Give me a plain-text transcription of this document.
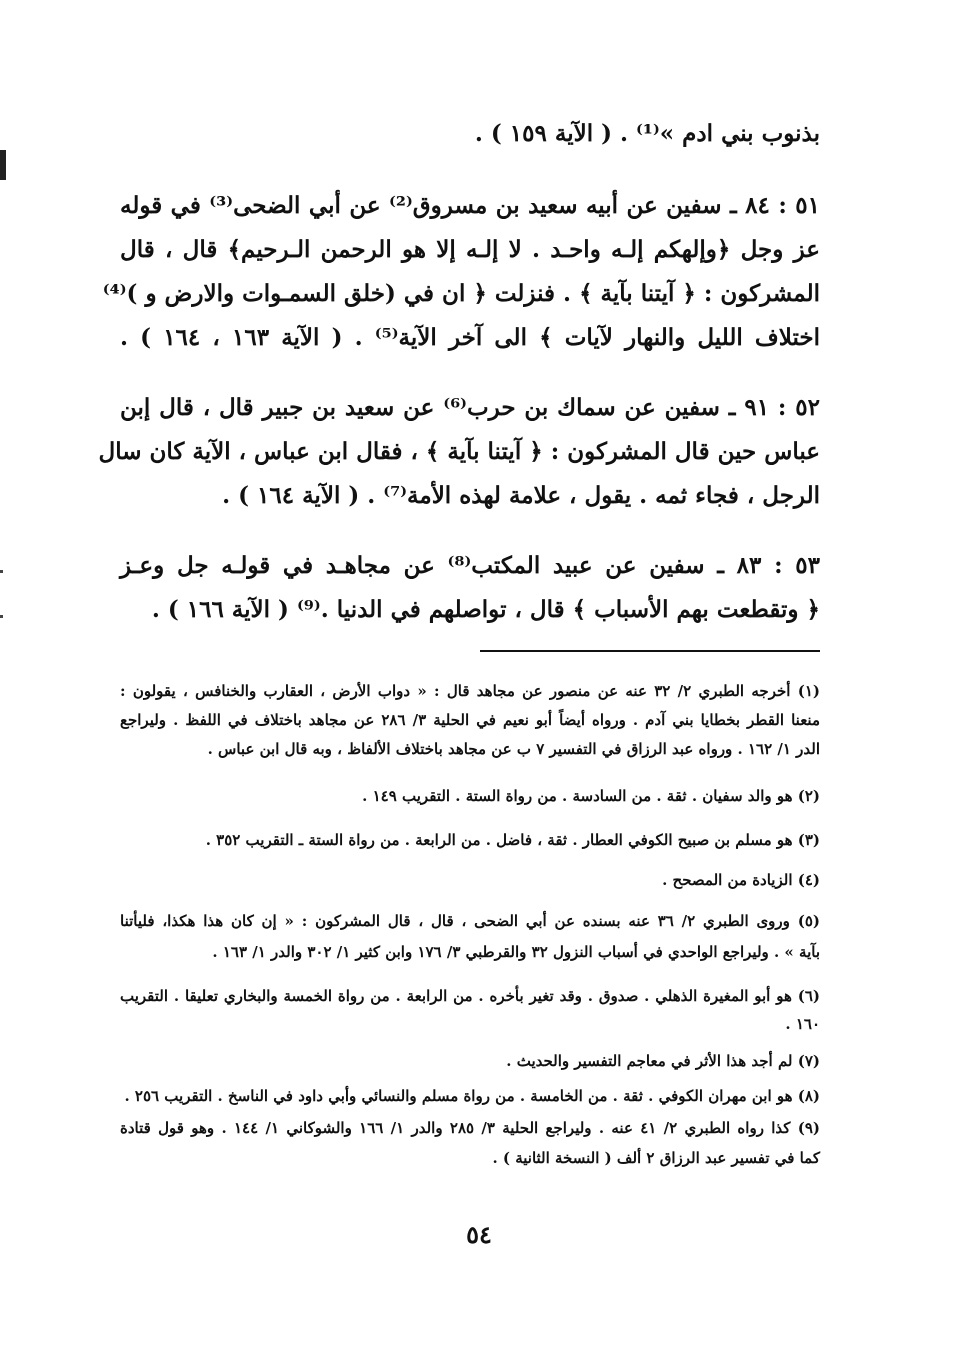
بذنوب بني ادم »⁽¹⁾ . ( الآية ١٥٩ ) .
٥١ : ٨٤ ـ سفين عن أبيه سعيد بن مسروق⁽²⁾ عن أبي الضحى⁽³⁾ في قوله
عز وجل ﴿وإلهكم إلـه واحـد . لا إلـه إلا هو الرحمن الـرحيم﴾ قال ، قال
المشركون : ﴿ آيتنا بآية ﴾ . فنزلت ﴿ ان في (خلق السمـوات والارض و )⁽⁴⁾
اختلاف الليل والنهار لآيات ﴾ الى آخر الآية⁽⁵⁾ . ( الآية ١٦٣ ، ١٦٤ ) .
٥٢ : ٩١ ـ سفين عن سماك بن حرب⁽⁶⁾ عن سعيد بن جبير قال ، قال إبن
عباس حين قال المشركون : ﴿ آيتنا بآية ﴾ ، فقال ابن عباس ، الآية كان سال
الرجل ، فجاء ثمه . يقول ، علامة لهذه الأمة⁽⁷⁾ . ( الآية ١٦٤ ) .
٥٣ : ٨٣ ـ سفين عن عبيد المكتب⁽⁸⁾ عن مجاهـد في قولـه جل وعـز
﴿ وتقطعت بهم الأسباب ﴾ قال ، تواصلهم في الدنيا .⁽⁹⁾ ( الآية ١٦٦ ) .
(١) أخرجه الطبري ٢/ ٣٢ عنه عن منصور عن مجاهد قال : « دواب الأرض ، العقارب والخنافس ، يقولون :
منعنا القطر بخطايا بني آدم . ورواه أيضاً أبو نعيم في الحلية ٣/ ٢٨٦ عن مجاهد باختلاف في اللفظ . وليراجع
الدر ١/ ١٦٢ . ورواه عبد الرزاق في التفسير ٧ ب عن مجاهد باختلاف الألفاظ ، وبه قال ابن عباس .
(٢) هو والد سفيان . ثقة . من السادسة . من رواة الستة . التقريب ١٤٩ .
(٣) هو مسلم بن صبيح الكوفي العطار . ثقة ، فاضل . من الرابعة . من رواة الستة ـ التقريب ٣٥٢ .
(٤) الزيادة من المصحح .
(٥) وروى الطبري ٢/ ٣٦ عنه بسنده عن أبي الضحى ، قال ، قال المشركون : « إن كان هذا هكذا، فليأتنا
بآية » . وليراجع الواحدي في أسباب النزول ٣٢ والقرطبي ٣/ ١٧٦ وابن كثير ١/ ٣٠٢ والدر ١/ ١٦٣ .
(٦) هو أبو المغيرة الذهلي . صدوق . وقد تغير بأخره . من الرابعة . من رواة الخمسة والبخاري تعليقا . التقريب
١٦٠ .
(٧) لم أجد هذا الأثر في معاجم التفسير والحديث .
(٨) هو ابن مهران الكوفي . ثقة . من الخامسة . من رواة مسلم والنسائي وأبي داود في الناسخ . التقريب ٢٥٦ .
(٩) كذا رواه الطبري ٢/ ٤١ عنه . وليراجع الحلية ٣/ ٢٨٥ والدر ١/ ١٦٦ والشوكاني ١/ ١٤٤ . وهو قول قتادة
كما في تفسير عبد الرزاق ٢ ألف ( النسخة الثانية ) .
٥٤
